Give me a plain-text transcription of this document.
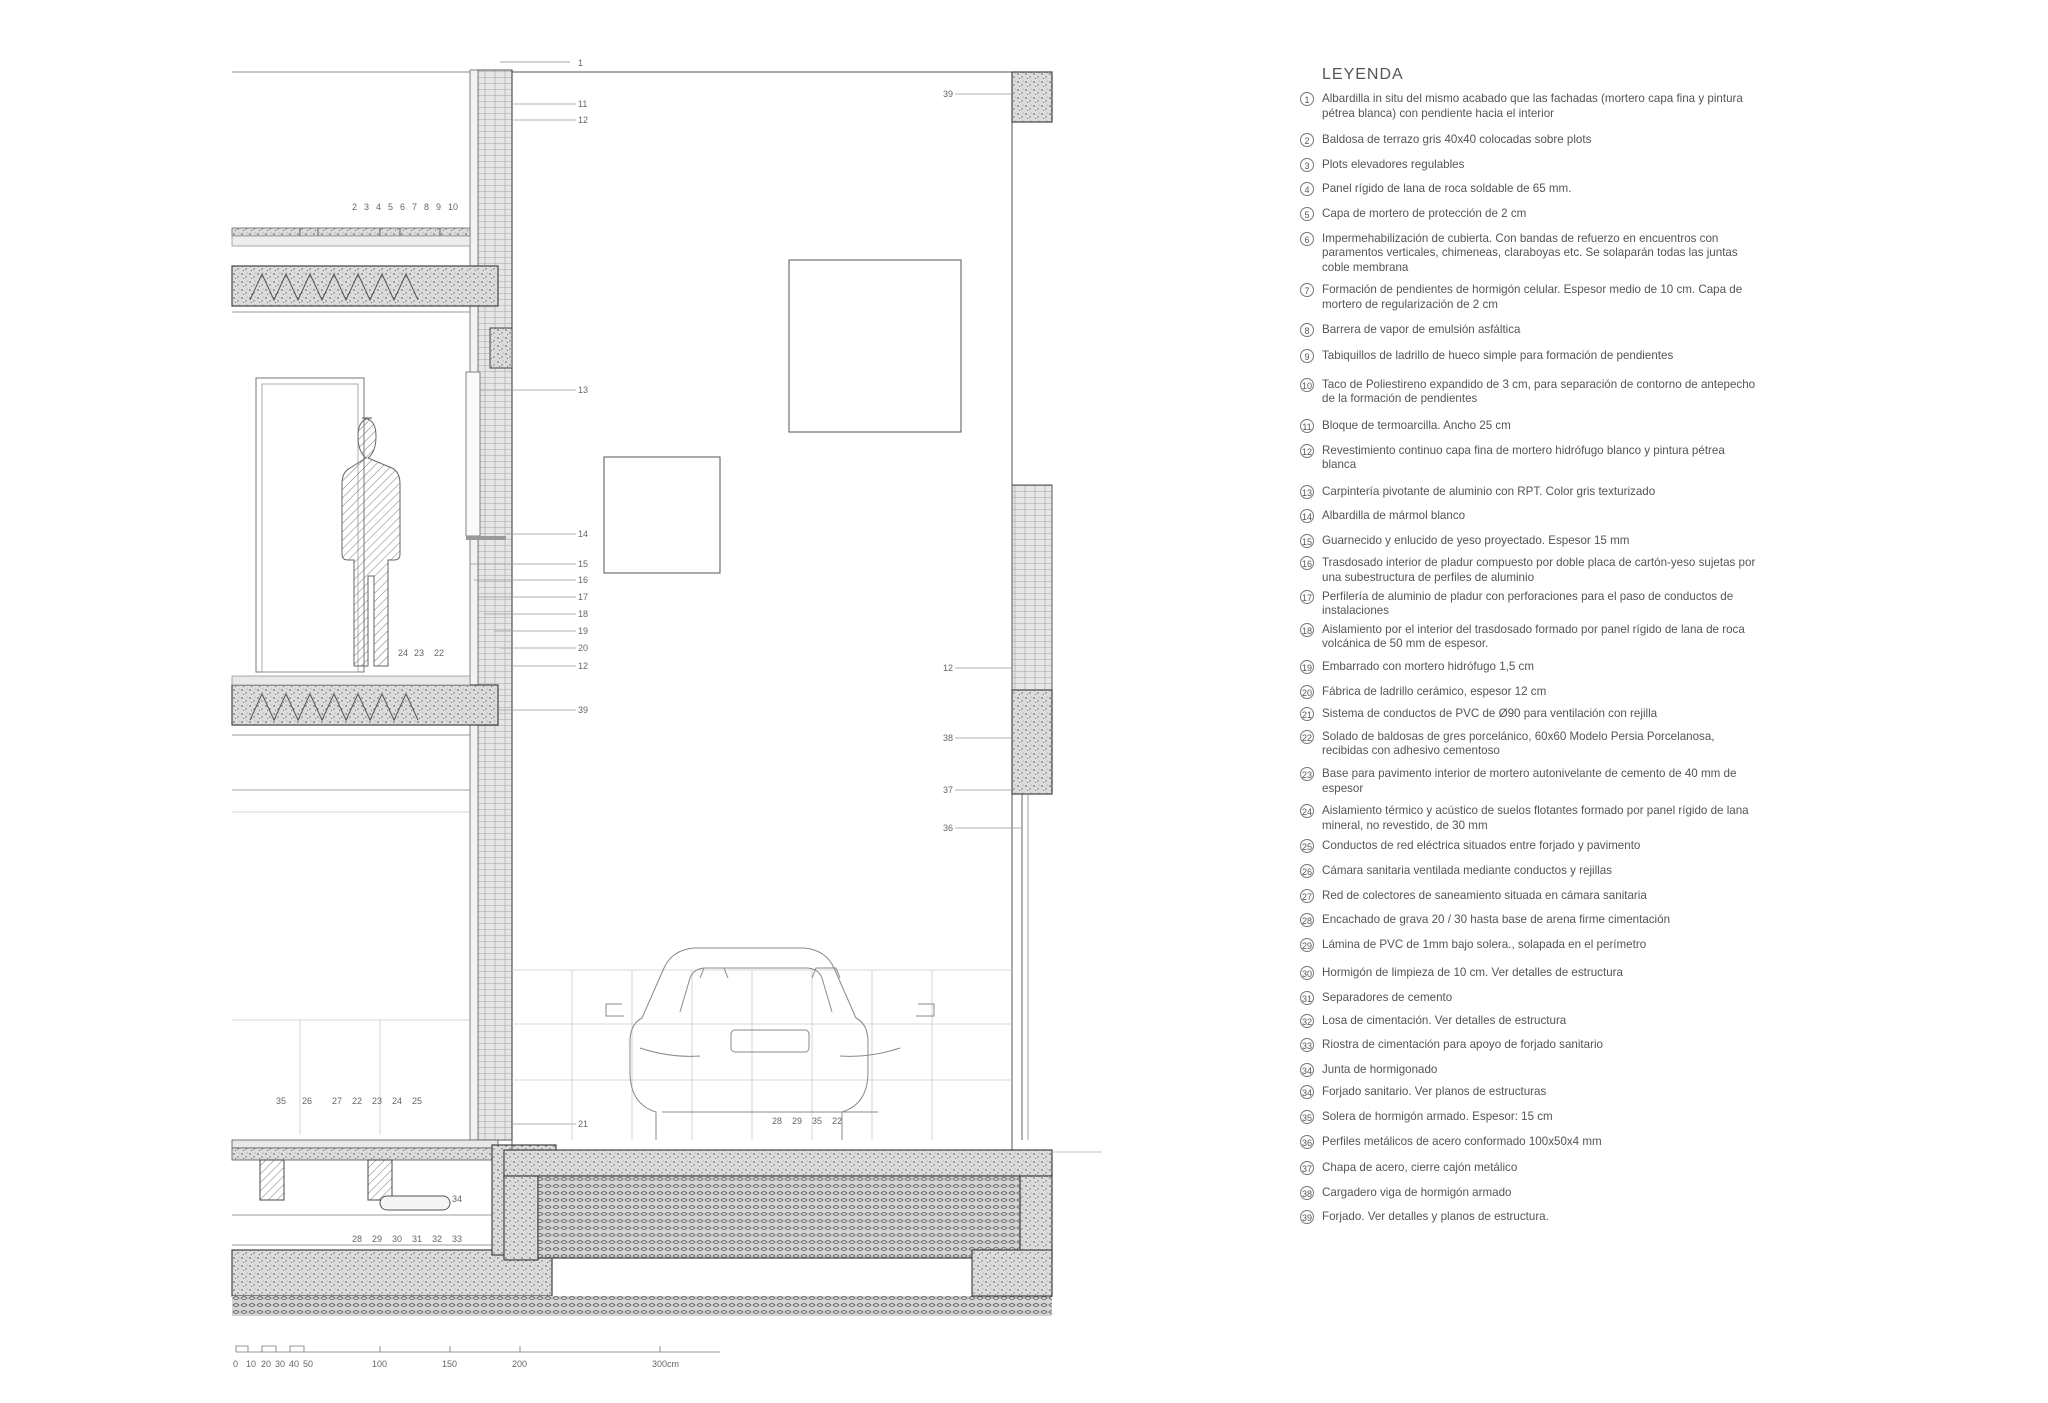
1
11
12
13
14
15
16
17
18
19
20
12
39
21
39
12
38
37
36
2 3 4 5 6 7 8 9 10
24 23 22
35 26 27 22 23 24 25
28 29 30 31 32 33
34
28 29 35 22
0 10 20 30 40 50	100	150	200	300cm
LEYENDA
1	Albardilla in situ del mismo acabado que las fachadas (mortero capa fina y pintura pétrea blanca) con pendiente hacia el interior
2	Baldosa de terrazo gris 40x40 colocadas sobre plots
3	Plots elevadores regulables
4	Panel rígido de lana de roca soldable de 65 mm.
5	Capa de mortero de protección de 2 cm
6	Impermehabilización de cubierta. Con bandas de refuerzo en encuentros con paramentos verticales, chimeneas, claraboyas etc. Se solaparán todas las juntas coble membrana
7	Formación de pendientes de hormigón celular. Espesor medio de 10 cm. Capa de mortero de regularización de 2 cm
8	Barrera de vapor de emulsión asfáltica
9	Tabiquillos de ladrillo de hueco simple para formación de pendientes
10 Taco de Poliestireno expandido de 3 cm, para separación de contorno de antepecho de la formación de pendientes
11 Bloque de termoarcilla. Ancho 25 cm
12 Revestimiento continuo capa fina de mortero hidrófugo blanco y pintura pétrea blanca
13 Carpintería pivotante de aluminio con RPT. Color gris texturizado
14 Albardilla de mármol blanco
15 Guarnecido y enlucido de yeso proyectado. Espesor 15 mm
16 Trasdosado interior de pladur compuesto por doble placa de cartón-yeso sujetas por una subestructura de perfiles de aluminio
17 Perfilería de aluminio de pladur con perforaciones para el paso de conductos de instalaciones
18 Aislamiento por el interior del trasdosado formado por panel rígido de lana de roca volcánica de 50 mm de espesor.
19 Embarrado con mortero hidrófugo 1,5 cm
20 Fábrica de ladrillo cerámico, espesor 12 cm
21 Sistema de conductos de PVC de Ø90 para ventilación con rejilla
22 Solado de baldosas de gres porcelánico, 60x60 Modelo Persia Porcelanosa, recibidas con adhesivo cementoso
23 Base para pavimento interior de mortero autonivelante de cemento de 40 mm de espesor
24 Aislamiento térmico y acústico de suelos flotantes formado por panel rígido de lana mineral, no revestido, de 30 mm
25 Conductos de red eléctrica situados entre forjado y pavimento
26 Cámara sanitaria ventilada mediante conductos y rejillas
27 Red de colectores de saneamiento situada en cámara sanitaria
28 Encachado de grava 20 / 30 hasta base de arena firme cimentación
29 Lámina de PVC de 1mm bajo solera., solapada en el perímetro
30 Hormigón de limpieza de 10 cm. Ver detalles de estructura
31 Separadores de cemento
32 Losa de cimentación. Ver detalles de estructura
33 Riostra de cimentación para apoyo de forjado sanitario
34 Junta de hormigonado
34 Forjado sanitario. Ver planos de estructuras
35 Solera de hormigón armado. Espesor: 15 cm
36 Perfiles metálicos de acero conformado 100x50x4 mm
37 Chapa de acero, cierre cajón metálico
38 Cargadero viga de hormigón armado
39 Forjado. Ver detalles y planos de estructura.
